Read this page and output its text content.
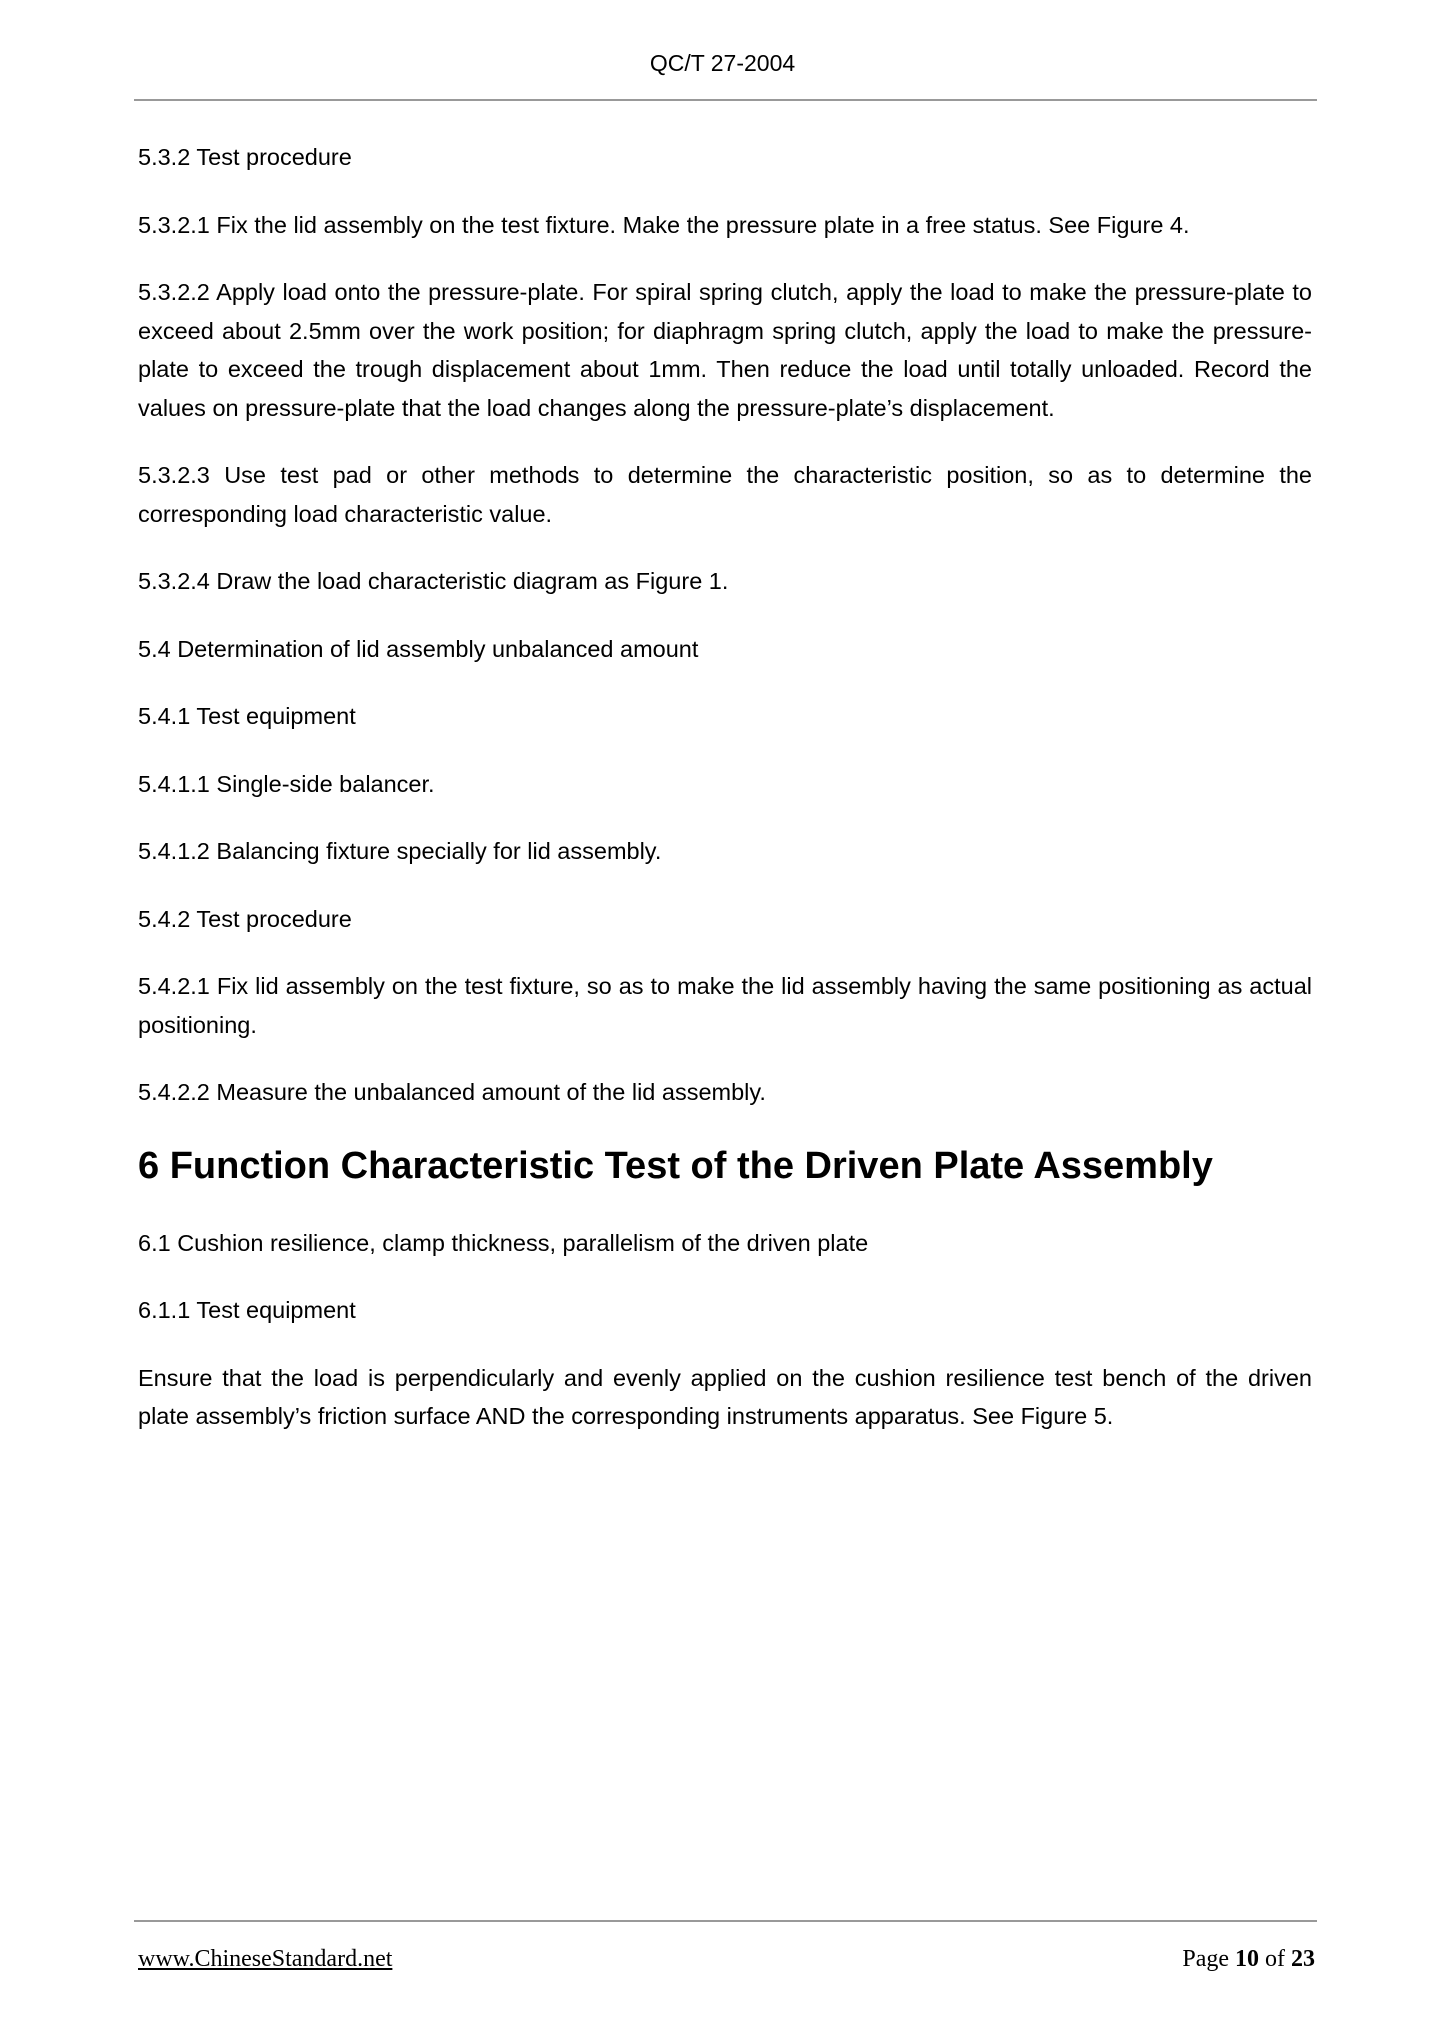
QC/T 27-2004

5.3.2 Test procedure

5.3.2.1 Fix the lid assembly on the test fixture. Make the pressure plate in a free status. See Figure 4.

5.3.2.2 Apply load onto the pressure-plate. For spiral spring clutch, apply the load to make the pressure-plate to exceed about 2.5mm over the work position; for diaphragm spring clutch, apply the load to make the pressure-plate to exceed the trough displacement about 1mm. Then reduce the load until totally unloaded. Record the values on pressure-plate that the load changes along the pressure-plate’s displacement.

5.3.2.3 Use test pad or other methods to determine the characteristic position, so as to determine the corresponding load characteristic value.

5.3.2.4 Draw the load characteristic diagram as Figure 1.

5.4 Determination of lid assembly unbalanced amount

5.4.1 Test equipment

5.4.1.1 Single-side balancer.

5.4.1.2 Balancing fixture specially for lid assembly.

5.4.2 Test procedure

5.4.2.1 Fix lid assembly on the test fixture, so as to make the lid assembly having the same positioning as actual positioning.

5.4.2.2 Measure the unbalanced amount of the lid assembly.

6 Function Characteristic Test of the Driven Plate Assembly

6.1 Cushion resilience, clamp thickness, parallelism of the driven plate

6.1.1 Test equipment

Ensure that the load is perpendicularly and evenly applied on the cushion resilience test bench of the driven plate assembly’s friction surface AND the corresponding instruments apparatus. See Figure 5.

www.ChineseStandard.net	Page 10 of 23
